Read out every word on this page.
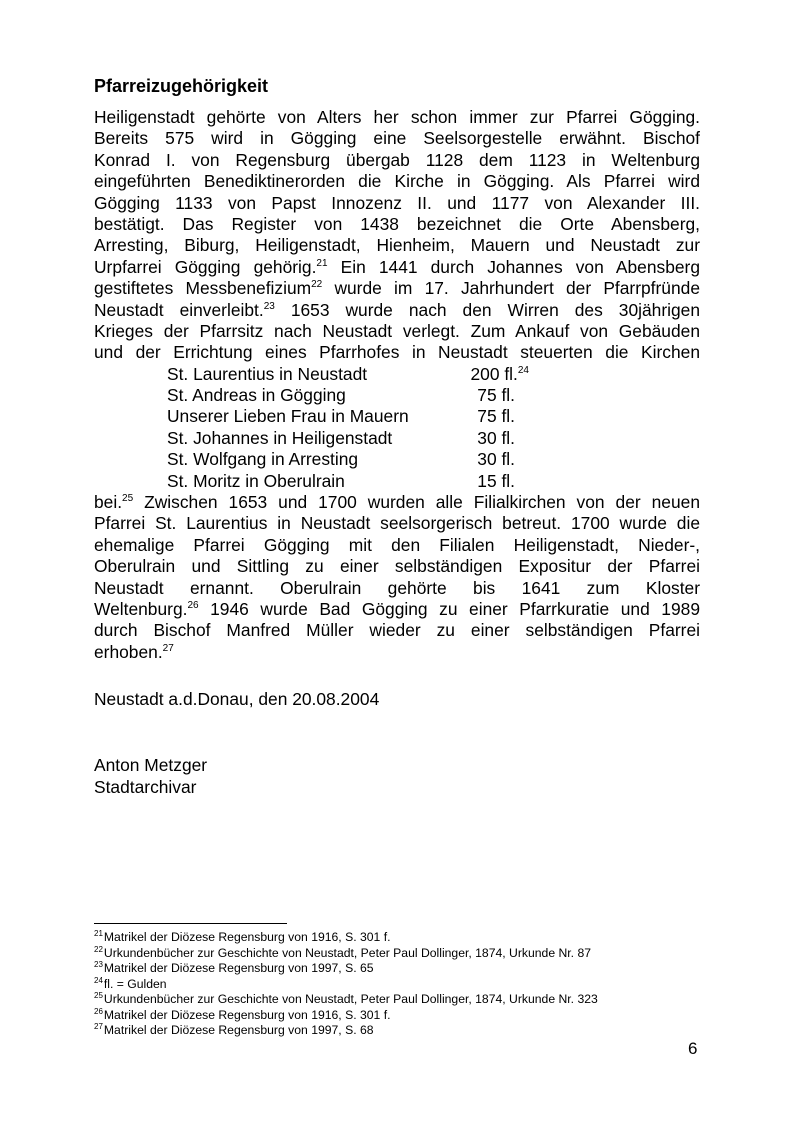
Pfarreizugehörigkeit
Heiligenstadt gehörte von Alters her schon immer zur Pfarrei Gögging.
Bereits 575 wird in Gögging eine Seelsorgestelle erwähnt. Bischof
Konrad I. von Regensburg übergab 1128 dem 1123 in Weltenburg
eingeführten Benediktinerorden die Kirche in Gögging. Als Pfarrei wird
Gögging 1133 von Papst Innozenz II. und 1177 von Alexander III.
bestätigt. Das Register von 1438 bezeichnet die Orte Abensberg,
Arresting, Biburg, Heiligenstadt, Hienheim, Mauern und Neustadt zur
Urpfarrei Gögging gehörig.$^{21}$ Ein 1441 durch Johannes von Abensberg
gestiftetes Messbenefizium$^{22}$ wurde im 17. Jahrhundert der Pfarrpfründe
Neustadt einverleibt.$^{23}$ 1653 wurde nach den Wirren des 30jährigen
Krieges der Pfarrsitz nach Neustadt verlegt. Zum Ankauf von Gebäuden
und der Errichtung eines Pfarrhofes in Neustadt steuerten die Kirchen
St. Laurentius in Neustadt	200 fl.$^{24}$
St. Andreas in Gögging	75 fl.
Unserer Lieben Frau in Mauern	75 fl.
St. Johannes in Heiligenstadt	30 fl.
St. Wolfgang in Arresting	30 fl.
St. Moritz in Oberulrain	15 fl.
bei.$^{25}$ Zwischen 1653 und 1700 wurden alle Filialkirchen von der neuen
Pfarrei St. Laurentius in Neustadt seelsorgerisch betreut. 1700 wurde die
ehemalige Pfarrei Gögging mit den Filialen Heiligenstadt, Nieder-,
Oberulrain und Sittling zu einer selbständigen Expositur der Pfarrei
Neustadt ernannt. Oberulrain gehörte bis 1641 zum Kloster
Weltenburg.$^{26}$ 1946 wurde Bad Gögging zu einer Pfarrkuratie und 1989
durch Bischof Manfred Müller wieder zu einer selbständigen Pfarrei
erhoben.$^{27}$
Neustadt a.d.Donau, den 20.08.2004
Anton Metzger
Stadtarchivar
$^{21}$Matrikel der Diözese Regensburg von 1916, S. 301 f.
$^{22}$Urkundenbücher zur Geschichte von Neustadt, Peter Paul Dollinger, 1874, Urkunde Nr. 87
$^{23}$Matrikel der Diözese Regensburg von 1997, S. 65
$^{24}$fl. = Gulden
$^{25}$Urkundenbücher zur Geschichte von Neustadt, Peter Paul Dollinger, 1874, Urkunde Nr. 323
$^{26}$Matrikel der Diözese Regensburg von 1916, S. 301 f.
$^{27}$Matrikel der Diözese Regensburg von 1997, S. 68
6
